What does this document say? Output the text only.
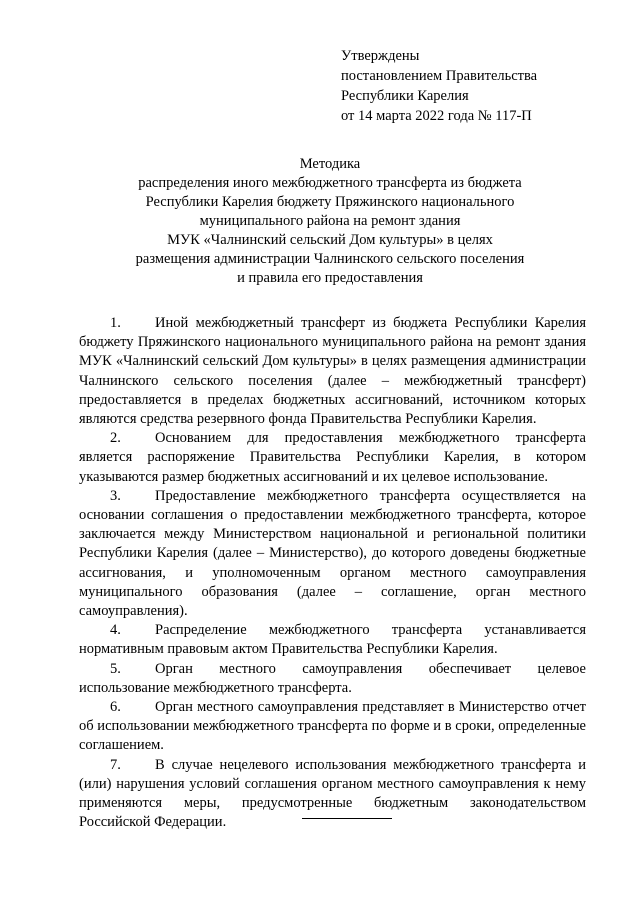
Утверждены
постановлением Правительства
Республики Карелия
от 14 марта 2022 года № 117-П
Методика
распределения иного межбюджетного трансферта из бюджета
Республики Карелия бюджету Пряжинского национального
муниципального района на ремонт здания
МУК «Чалнинский сельский Дом культуры» в целях
размещения администрации Чалнинского сельского поселения
и правила его предоставления
1. Иной межбюджетный трансферт из бюджета Республики Карелия бюджету Пряжинского национального муниципального района на ремонт здания МУК «Чалнинский сельский Дом культуры» в целях размещения администрации Чалнинского сельского поселения (далее – межбюджетный трансферт) предоставляется в пределах бюджетных ассигнований, источником которых являются средства резервного фонда Правительства Республики Карелия.
2. Основанием для предоставления межбюджетного трансферта является распоряжение Правительства Республики Карелия, в котором указываются размер бюджетных ассигнований и их целевое использование.
3. Предоставление межбюджетного трансферта осуществляется на основании соглашения о предоставлении межбюджетного трансферта, которое заключается между Министерством национальной и региональной политики Республики Карелия (далее – Министерство), до которого доведены бюджетные ассигнования, и уполномоченным органом местного самоуправления муниципального образования (далее – соглашение, орган местного самоуправления).
4. Распределение межбюджетного трансферта устанавливается нормативным правовым актом Правительства Республики Карелия.
5. Орган местного самоуправления обеспечивает целевое использование межбюджетного трансферта.
6. Орган местного самоуправления представляет в Министерство отчет об использовании межбюджетного трансферта по форме и в сроки, определенные соглашением.
7. В случае нецелевого использования межбюджетного трансферта и (или) нарушения условий соглашения органом местного самоуправления к нему применяются меры, предусмотренные бюджетным законодательством Российской Федерации.
